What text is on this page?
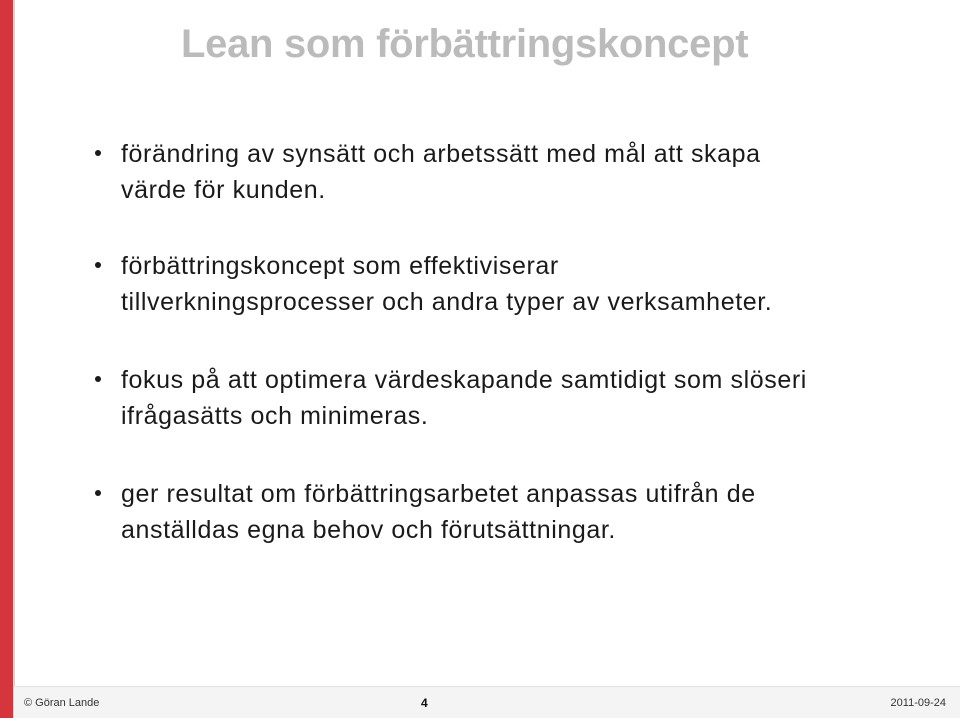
Lean som förbättringskoncept
förändring av synsätt och arbetssätt med mål att skapa
värde för kunden.
förbättringskoncept som effektiviserar
tillverkningsprocesser och andra typer av verksamheter.
fokus på att optimera värdeskapande samtidigt som slöseri
ifrågasätts och minimeras.
ger resultat om förbättringsarbetet anpassas utifrån de
anställdas egna behov och förutsättningar.
© Göran Lande	4	2011-09-24
